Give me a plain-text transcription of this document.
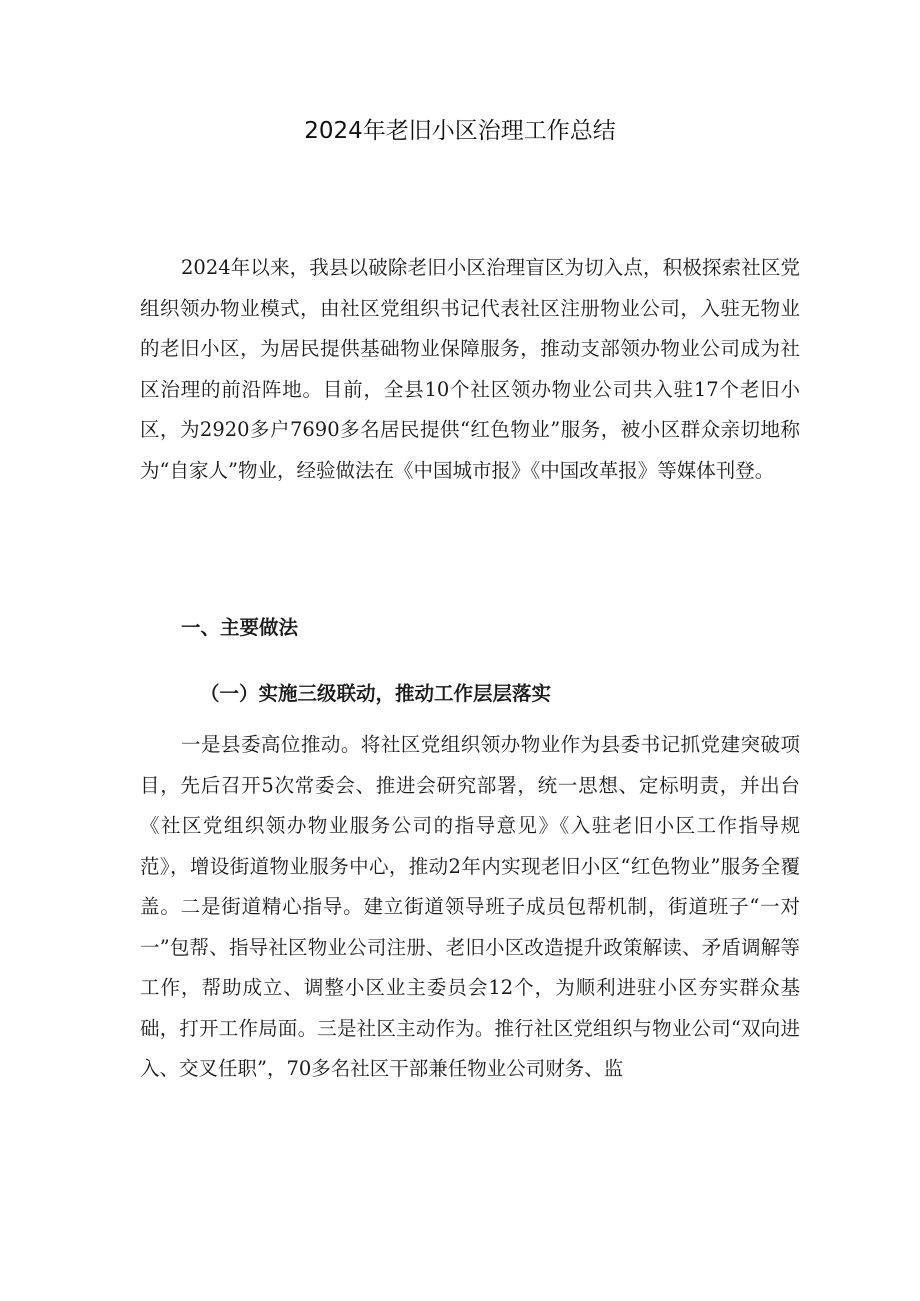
2024年老旧小区治理工作总结

2024年以来，我县以破除老旧小区治理盲区为切入点，积极探索社区党组织领办物业模式，由社区党组织书记代表社区注册物业公司，入驻无物业的老旧小区，为居民提供基础物业保障服务，推动支部领办物业公司成为社区治理的前沿阵地。目前，全县10个社区领办物业公司共入驻17个老旧小区，为2920多户7690多名居民提供“红色物业”服务，被小区群众亲切地称为“自家人”物业，经验做法在《中国城市报》《中国改革报》等媒体刊登。

一、主要做法
（一）实施三级联动，推动工作层层落实

一是县委高位推动。将社区党组织领办物业作为县委书记抓党建突破项目，先后召开5次常委会、推进会研究部署，统一思想、定标明责，并出台《社区党组织领办物业服务公司的指导意见》《入驻老旧小区工作指导规范》，增设街道物业服务中心，推动2年内实现老旧小区“红色物业”服务全覆盖。二是街道精心指导。建立街道领导班子成员包帮机制，街道班子“一对一”包帮、指导社区物业公司注册、老旧小区改造提升政策解读、矛盾调解等工作，帮助成立、调整小区业主委员会12个，为顺利进驻小区夯实群众基础，打开工作局面。三是社区主动作为。推行社区党组织与物业公司“双向进入、交叉任职”，70多名社区干部兼任物业公司财务、监
